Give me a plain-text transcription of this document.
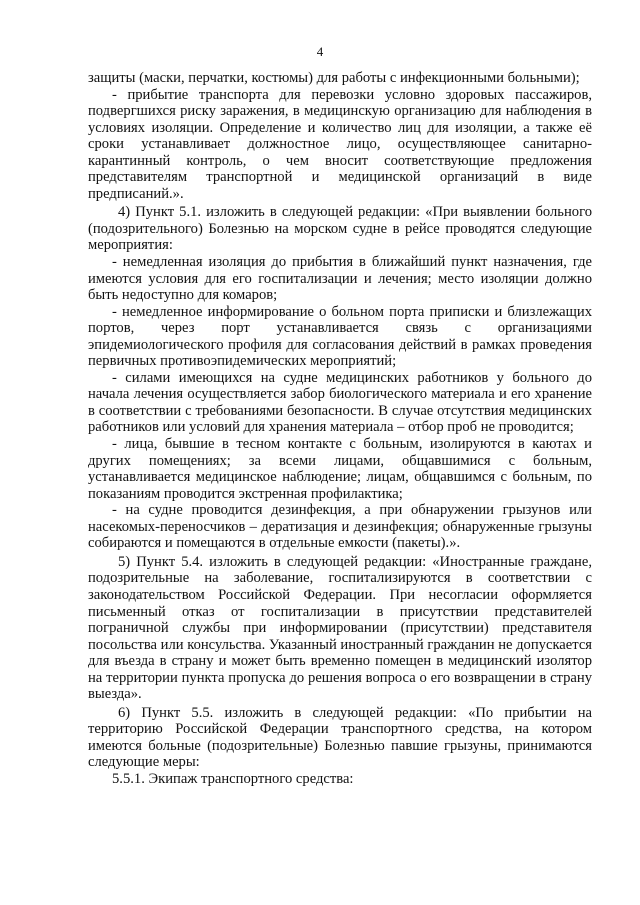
4

защиты (маски, перчатки, костюмы) для работы с инфекционными больными);

- прибытие транспорта для перевозки условно здоровых пассажиров, подвергшихся риску заражения, в медицинскую организацию для наблюдения в условиях изоляции. Определение и количество лиц для изоляции, а также её сроки устанавливает должностное лицо, осуществляющее санитарно-карантинный контроль, о чем вносит соответствующие предложения представителям транспортной и медицинской организаций в виде предписаний.».

4) Пункт 5.1. изложить в следующей редакции: «При выявлении больного (подозрительного) Болезнью на морском судне в рейсе проводятся следующие мероприятия:

- немедленная изоляция до прибытия в ближайший пункт назначения, где имеются условия для его госпитализации и лечения; место изоляции должно быть недоступно для комаров;

- немедленное информирование о больном порта приписки и близлежащих портов, через порт устанавливается связь с организациями эпидемиологического профиля для согласования действий в рамках проведения первичных противоэпидемических мероприятий;

- силами имеющихся на судне медицинских работников у больного до начала лечения осуществляется забор биологического материала и его хранение в соответствии с требованиями безопасности. В случае отсутствия медицинских работников или условий для хранения материала – отбор проб не проводится;

- лица, бывшие в тесном контакте с больным, изолируются в каютах и других помещениях; за всеми лицами, общавшимися с больным, устанавливается медицинское наблюдение; лицам, общавшимся с больным, по показаниям проводится экстренная профилактика;

- на судне проводится дезинфекция, а при обнаружении грызунов или насекомых-переносчиков – дератизация и дезинфекция; обнаруженные грызуны собираются и помещаются в отдельные емкости (пакеты).».

5) Пункт 5.4. изложить в следующей редакции: «Иностранные граждане, подозрительные на заболевание, госпитализируются в соответствии с законодательством Российской Федерации. При несогласии оформляется письменный отказ от госпитализации в присутствии представителей пограничной службы при информировании (присутствии) представителя посольства или консульства. Указанный иностранный гражданин не допускается для въезда в страну и может быть временно помещен в медицинский изолятор на территории пункта пропуска до решения вопроса о его возвращении в страну выезда».

6) Пункт 5.5. изложить в следующей редакции: «По прибытии на территорию Российской Федерации транспортного средства, на котором имеются больные (подозрительные) Болезнью павшие грызуны, принимаются следующие меры:

5.5.1. Экипаж транспортного средства:
